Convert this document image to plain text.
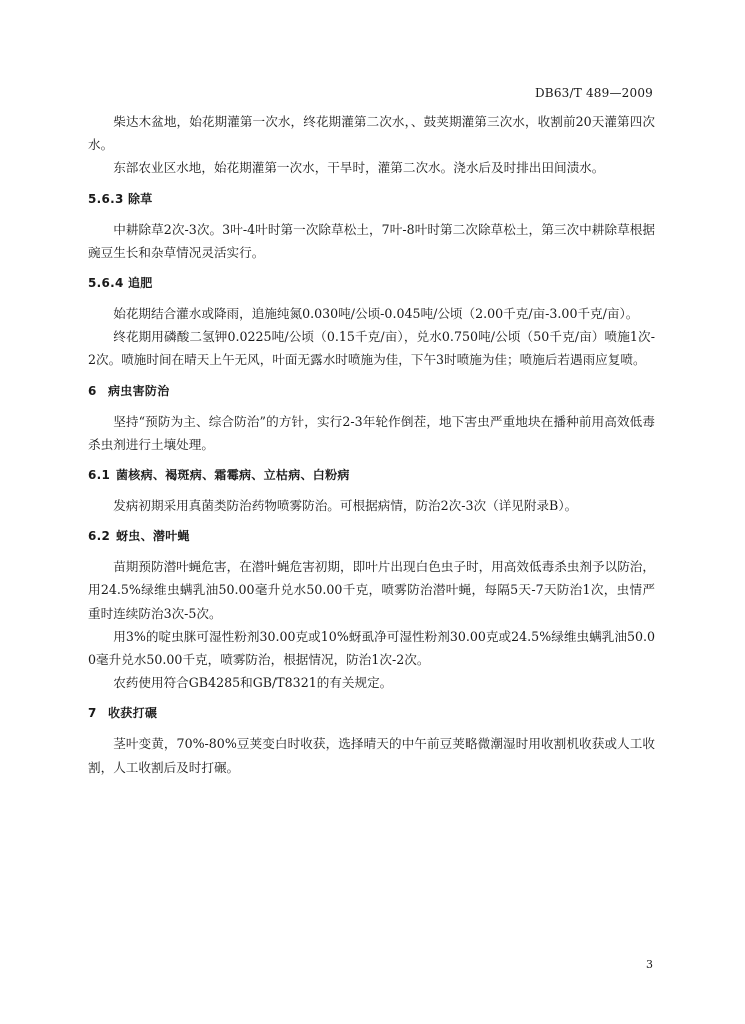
DB63/T 489—2009

柴达木盆地，始花期灌第一次水，终花期灌第二次水，、鼓荚期灌第三次水，收割前20天灌第四次水。

东部农业区水地，始花期灌第一次水，干旱时，灌第二次水。浇水后及时排出田间渍水。

5.6.3 除草

中耕除草2次-3次。3叶-4叶时第一次除草松土，7叶-8叶时第二次除草松土，第三次中耕除草根据豌豆生长和杂草情况灵活实行。

5.6.4 追肥

始花期结合灌水或降雨，追施纯氮0.030吨/公顷-0.045吨/公顷（2.00千克/亩-3.00千克/亩）。

终花期用磷酸二氢钾0.0225吨/公顷（0.15千克/亩），兑水0.750吨/公顷（50千克/亩）喷施1次-2次。喷施时间在晴天上午无风，叶面无露水时喷施为佳，下午3时喷施为佳；喷施后若遇雨应复喷。

6 病虫害防治

坚持“预防为主、综合防治”的方针，实行2-3年轮作倒茬，地下害虫严重地块在播种前用高效低毒杀虫剂进行土壤处理。

6.1 菌核病、褐斑病、霜霉病、立枯病、白粉病

发病初期采用真菌类防治药物喷雾防治。可根据病情，防治2次-3次（详见附录B）。

6.2 蚜虫、潜叶蝇

苗期预防潜叶蝇危害，在潜叶蝇危害初期，即叶片出现白色虫子时，用高效低毒杀虫剂予以防治，用24.5%绿维虫螨乳油50.00毫升兑水50.00千克，喷雾防治潜叶蝇，每隔5天-7天防治1次，虫情严重时连续防治3次-5次。

用3%的啶虫脒可湿性粉剂30.00克或10%蚜虱净可湿性粉剂30.00克或24.5%绿维虫螨乳油50.00毫升兑水50.00千克，喷雾防治，根据情况，防治1次-2次。

农药使用符合GB4285和GB/T8321的有关规定。

7 收获打碾

茎叶变黄，70%-80%豆荚变白时收获，选择晴天的中午前豆荚略微潮湿时用收割机收获或人工收割，人工收割后及时打碾。

3
